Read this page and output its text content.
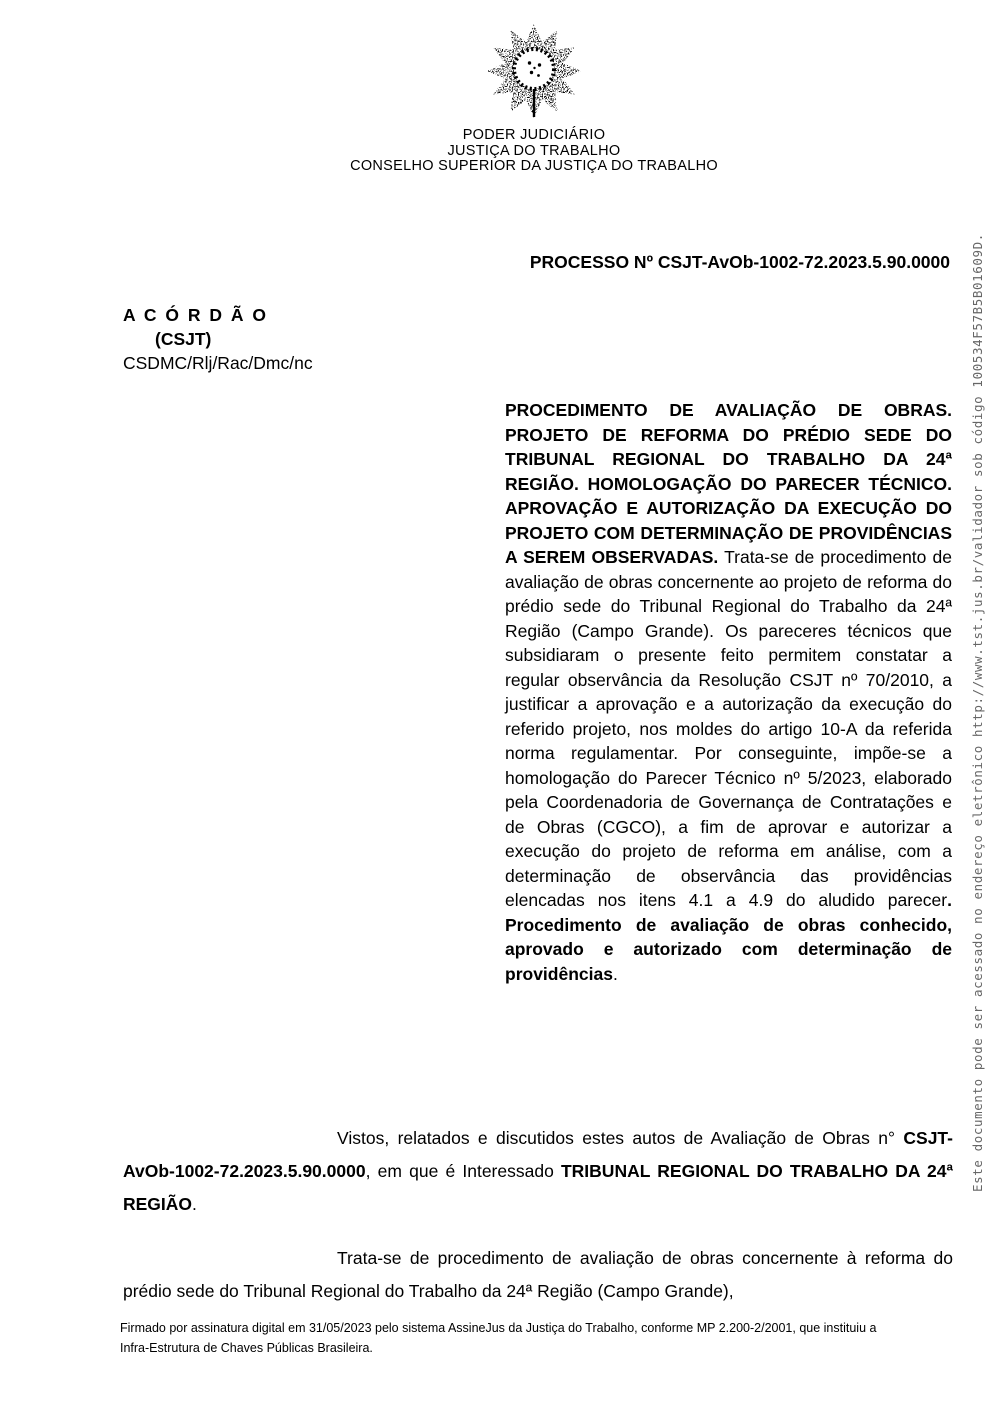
PODER JUDICIÁRIO
JUSTIÇA DO TRABALHO
CONSELHO SUPERIOR DA JUSTIÇA DO TRABALHO
PROCESSO Nº CSJT-AvOb-1002-72.2023.5.90.0000
A C Ó R D Ã O
(CSJT)
CSDMC/Rlj/Rac/Dmc/nc
PROCEDIMENTO DE AVALIAÇÃO DE OBRAS. PROJETO DE REFORMA DO PRÉDIO SEDE DO TRIBUNAL REGIONAL DO TRABALHO DA 24ª REGIÃO. HOMOLOGAÇÃO DO PARECER TÉCNICO. APROVAÇÃO E AUTORIZAÇÃO DA EXECUÇÃO DO PROJETO COM DETERMINAÇÃO DE PROVIDÊNCIAS A SEREM OBSERVADAS. Trata-se de procedimento de avaliação de obras concernente ao projeto de reforma do prédio sede do Tribunal Regional do Trabalho da 24ª Região (Campo Grande). Os pareceres técnicos que subsidiaram o presente feito permitem constatar a regular observância da Resolução CSJT nº 70/2010, a justificar a aprovação e a autorização da execução do referido projeto, nos moldes do artigo 10-A da referida norma regulamentar. Por conseguinte, impõe-se a homologação do Parecer Técnico nº 5/2023, elaborado pela Coordenadoria de Governança de Contratações e de Obras (CGCO), a fim de aprovar e autorizar a execução do projeto de reforma em análise, com a determinação de observância das providências elencadas nos itens 4.1 a 4.9 do aludido parecer. Procedimento de avaliação de obras conhecido, aprovado e autorizado com determinação de providências.
Vistos, relatados e discutidos estes autos de Avaliação de Obras n° CSJT-AvOb-1002-72.2023.5.90.0000, em que é Interessado TRIBUNAL REGIONAL DO TRABALHO DA 24ª REGIÃO.
Trata-se de procedimento de avaliação de obras concernente à reforma do prédio sede do Tribunal Regional do Trabalho da 24ª Região (Campo Grande),
Firmado por assinatura digital em 31/05/2023 pelo sistema AssineJus da Justiça do Trabalho, conforme MP 2.200-2/2001, que instituiu a
Infra-Estrutura de Chaves Públicas Brasileira.
Este documento pode ser acessado no endereço eletrônico http://www.tst.jus.br/validador sob código 100534F57B5B01609D.
